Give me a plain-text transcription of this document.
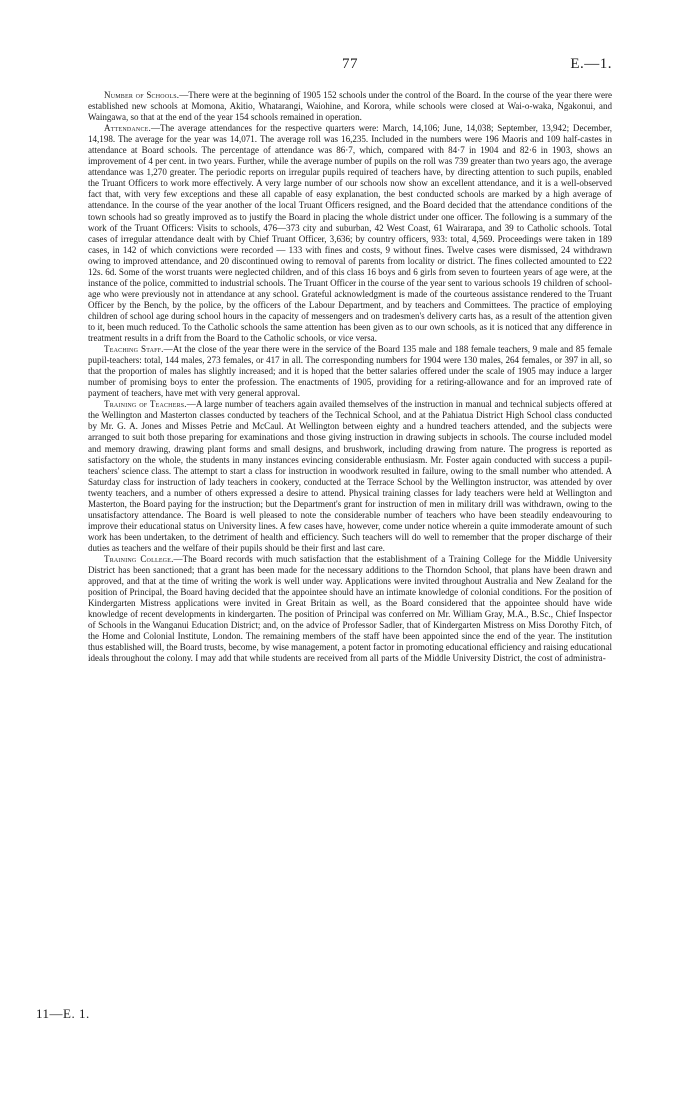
77	E.—1.

Number of Schools.—There were at the beginning of 1905 152 schools under the control of the Board. In the course of the year there were established new schools at Momona, Akitio, Whatarangi, Waiohine, and Korora, while schools were closed at Wai-o-waka, Ngakonui, and Waingawa, so that at the end of the year 154 schools remained in operation.

Attendance.—The average attendances for the respective quarters were: March, 14,106; June, 14,038; September, 13,942; December, 14,198. The average for the year was 14,071. The average roll was 16,235. Included in the numbers were 196 Maoris and 109 half-castes in attendance at Board schools. The percentage of attendance was 86·7, which, compared with 84·7 in 1904 and 82·6 in 1903, shows an improvement of 4 per cent. in two years. Further, while the average number of pupils on the roll was 739 greater than two years ago, the average attendance was 1,270 greater. The periodic reports on irregular pupils required of teachers have, by directing attention to such pupils, enabled the Truant Officers to work more effectively. A very large number of our schools now show an excellent attendance, and it is a well-observed fact that, with very few exceptions and these all capable of easy explanation, the best conducted schools are marked by a high average of attendance. In the course of the year another of the local Truant Officers resigned, and the Board decided that the attendance conditions of the town schools had so greatly improved as to justify the Board in placing the whole district under one officer. The following is a summary of the work of the Truant Officers: Visits to schools, 476—373 city and suburban, 42 West Coast, 61 Wairarapa, and 39 to Catholic schools. Total cases of irregular attendance dealt with by Chief Truant Officer, 3,636; by country officers, 933: total, 4,569. Proceedings were taken in 189 cases, in 142 of which convictions were recorded — 133 with fines and costs, 9 without fines. Twelve cases were dismissed, 24 withdrawn owing to improved attendance, and 20 discontinued owing to removal of parents from locality or district. The fines collected amounted to £22 12s. 6d. Some of the worst truants were neglected children, and of this class 16 boys and 6 girls from seven to fourteen years of age were, at the instance of the police, committed to industrial schools. The Truant Officer in the course of the year sent to various schools 19 children of school-age who were previously not in attendance at any school. Grateful acknowledgment is made of the courteous assistance rendered to the Truant Officer by the Bench, by the police, by the officers of the Labour Department, and by teachers and Committees. The practice of employing children of school age during school hours in the capacity of messengers and on tradesmen's delivery carts has, as a result of the attention given to it, been much reduced. To the Catholic schools the same attention has been given as to our own schools, as it is noticed that any difference in treatment results in a drift from the Board to the Catholic schools, or vice versa.

Teaching Staff.—At the close of the year there were in the service of the Board 135 male and 188 female teachers, 9 male and 85 female pupil-teachers: total, 144 males, 273 females, or 417 in all. The corresponding numbers for 1904 were 130 males, 264 females, or 397 in all, so that the proportion of males has slightly increased; and it is hoped that the better salaries offered under the scale of 1905 may induce a larger number of promising boys to enter the profession. The enactments of 1905, providing for a retiring-allowance and for an improved rate of payment of teachers, have met with very general approval.

Training of Teachers.—A large number of teachers again availed themselves of the instruction in manual and technical subjects offered at the Wellington and Masterton classes conducted by teachers of the Technical School, and at the Pahiatua District High School class conducted by Mr. G. A. Jones and Misses Petrie and McCaul. At Wellington between eighty and a hundred teachers attended, and the subjects were arranged to suit both those preparing for examinations and those giving instruction in drawing subjects in schools. The course included model and memory drawing, drawing plant forms and small designs, and brushwork, including drawing from nature. The progress is reported as satisfactory on the whole, the students in many instances evincing considerable enthusiasm. Mr. Foster again conducted with success a pupil-teachers' science class. The attempt to start a class for instruction in woodwork resulted in failure, owing to the small number who attended. A Saturday class for instruction of lady teachers in cookery, conducted at the Terrace School by the Wellington instructor, was attended by over twenty teachers, and a number of others expressed a desire to attend. Physical training classes for lady teachers were held at Wellington and Masterton, the Board paying for the instruction; but the Department's grant for instruction of men in military drill was withdrawn, owing to the unsatisfactory attendance. The Board is well pleased to note the considerable number of teachers who have been steadily endeavouring to improve their educational status on University lines. A few cases have, however, come under notice wherein a quite immoderate amount of such work has been undertaken, to the detriment of health and efficiency. Such teachers will do well to remember that the proper discharge of their duties as teachers and the welfare of their pupils should be their first and last care.

Training College.—The Board records with much satisfaction that the establishment of a Training College for the Middle University District has been sanctioned; that a grant has been made for the necessary additions to the Thorndon School, that plans have been drawn and approved, and that at the time of writing the work is well under way. Applications were invited throughout Australia and New Zealand for the position of Principal, the Board having decided that the appointee should have an intimate knowledge of colonial conditions. For the position of Kindergarten Mistress applications were invited in Great Britain as well, as the Board considered that the appointee should have wide knowledge of recent developments in kindergarten. The position of Principal was conferred on Mr. William Gray, M.A., B.Sc., Chief Inspector of Schools in the Wanganui Education District; and, on the advice of Professor Sadler, that of Kindergarten Mistress on Miss Dorothy Fitch, of the Home and Colonial Institute, London. The remaining members of the staff have been appointed since the end of the year. The institution thus established will, the Board trusts, become, by wise management, a potent factor in promoting educational efficiency and raising educational ideals throughout the colony. I may add that while students are received from all parts of the Middle University District, the cost of administra-

11—E. 1.
